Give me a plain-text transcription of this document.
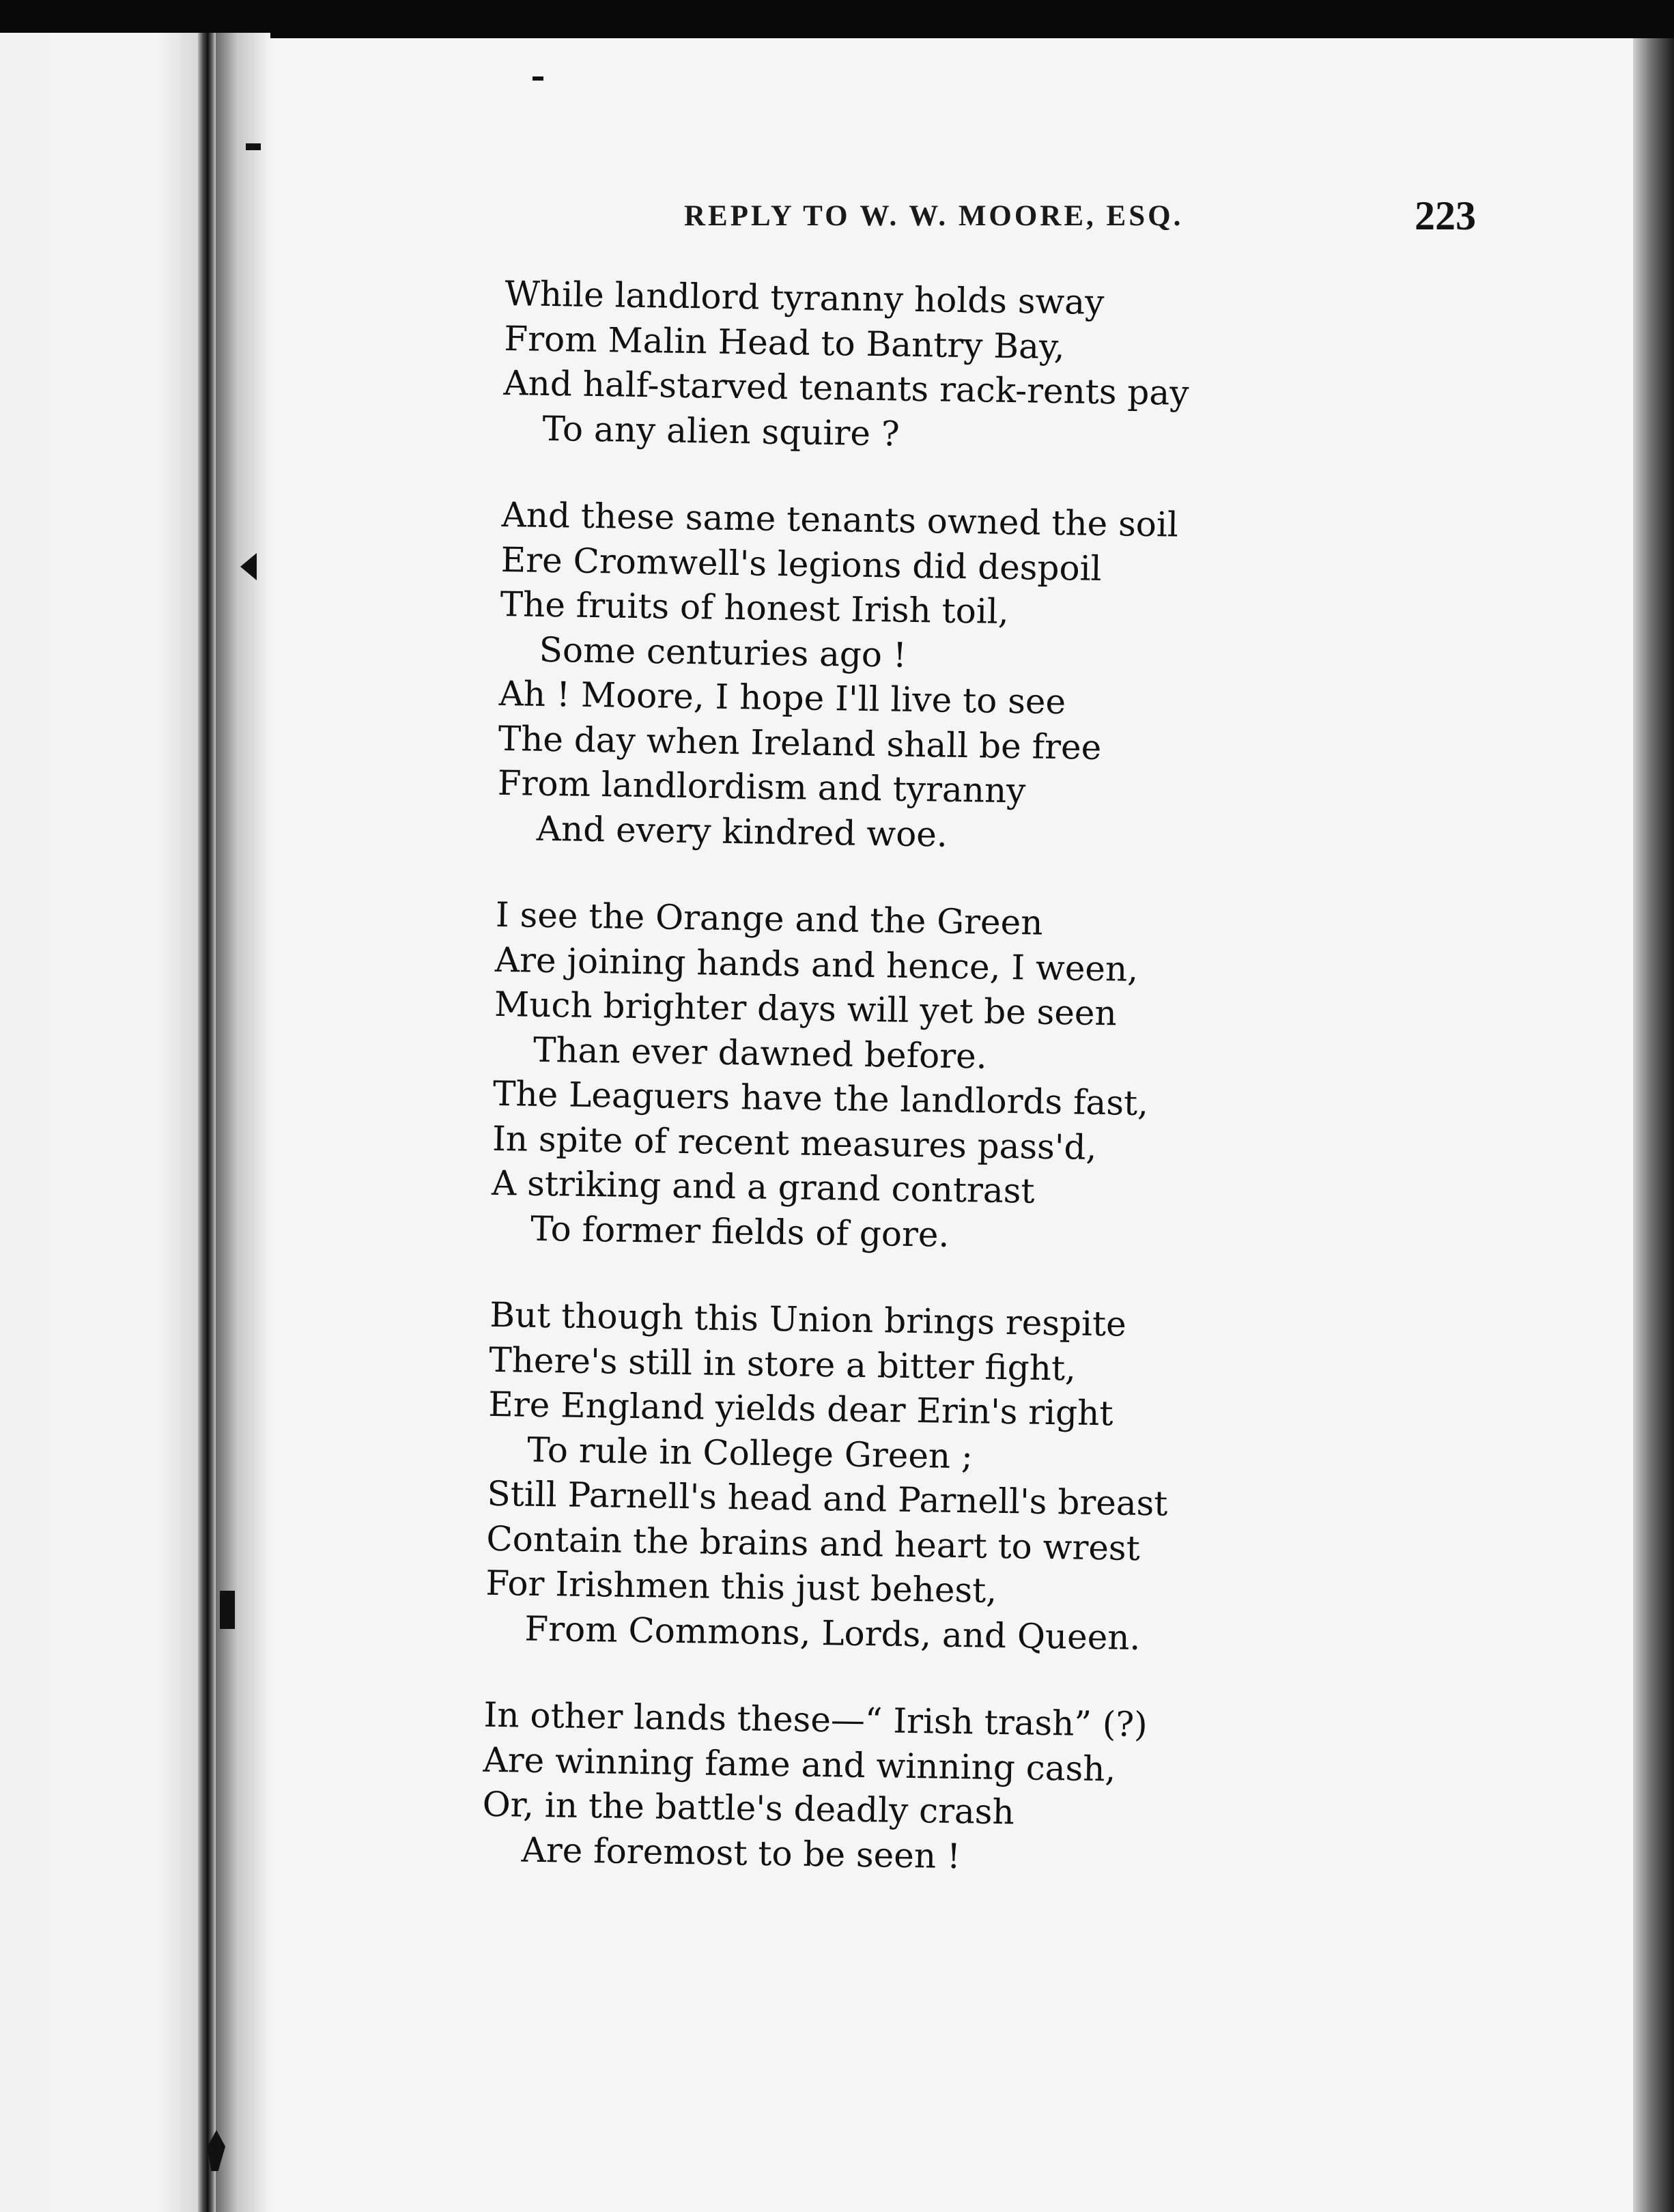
REPLY TO W. W. MOORE, ESQ.	223
While landlord tyranny holds sway
From Malin Head to Bantry Bay,
And half-starved tenants rack-rents pay
To any alien squire ?
And these same tenants owned the soil
Ere Cromwell's legions did despoil
The fruits of honest Irish toil,
Some centuries ago !
Ah ! Moore, I hope I'll live to see
The day when Ireland shall be free
From landlordism and tyranny
And every kindred woe.
I see the Orange and the Green
Are joining hands and hence, I ween,
Much brighter days will yet be seen
Than ever dawned before.
The Leaguers have the landlords fast,
In spite of recent measures pass'd,
A striking and a grand contrast
To former fields of gore.
But though this Union brings respite
There's still in store a bitter fight,
Ere England yields dear Erin's right
To rule in College Green ;
Still Parnell's head and Parnell's breast
Contain the brains and heart to wrest
For Irishmen this just behest,
From Commons, Lords, and Queen.
In other lands these—“ Irish trash” (?)
Are winning fame and winning cash,
Or, in the battle's deadly crash
Are foremost to be seen !
